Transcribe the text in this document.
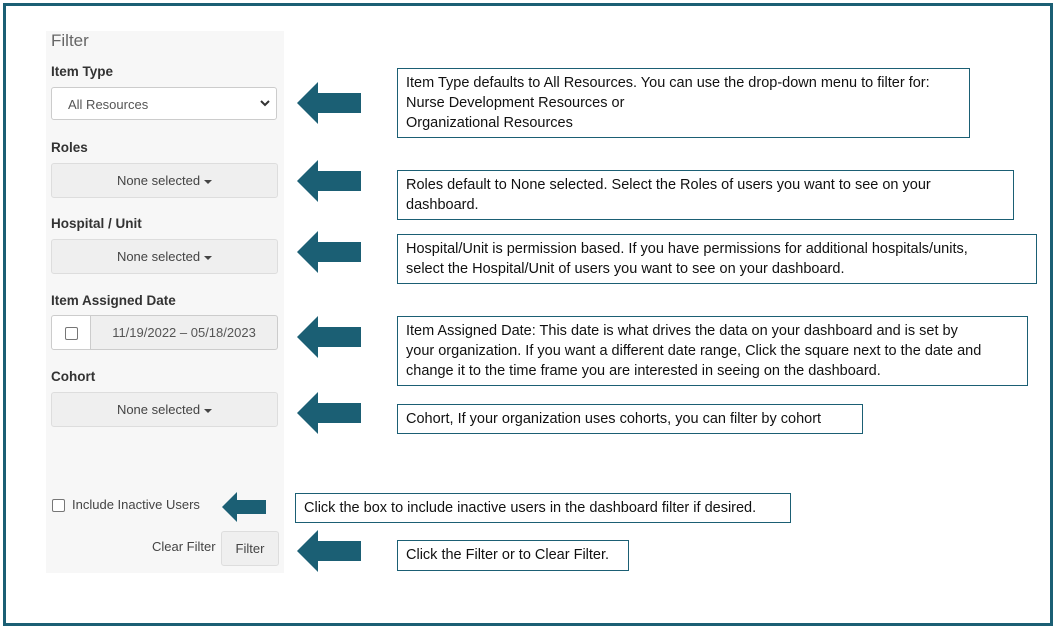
Filter
Item Type
All Resources
Roles
None selected
Hospital / Unit
None selected
Item Assigned Date
11/19/2022 – 05/18/2023
Cohort
None selected
Include Inactive Users
Clear Filter	Filter
Item Type defaults to All Resources. You can use the drop-down menu to filter for:
Nurse Development Resources or
Organizational Resources
Roles default to None selected. Select the Roles of users you want to see on your
dashboard.
Hospital/Unit is permission based. If you have permissions for additional hospitals/units,
select the Hospital/Unit of users you want to see on your dashboard.
Item Assigned Date: This date is what drives the data on your dashboard and is set by
your organization. If you want a different date range, Click the square next to the date and
change it to the time frame you are interested in seeing on the dashboard.
Cohort, If your organization uses cohorts, you can filter by cohort
Click the box to include inactive users in the dashboard filter if desired.
Click the Filter or to Clear Filter.
